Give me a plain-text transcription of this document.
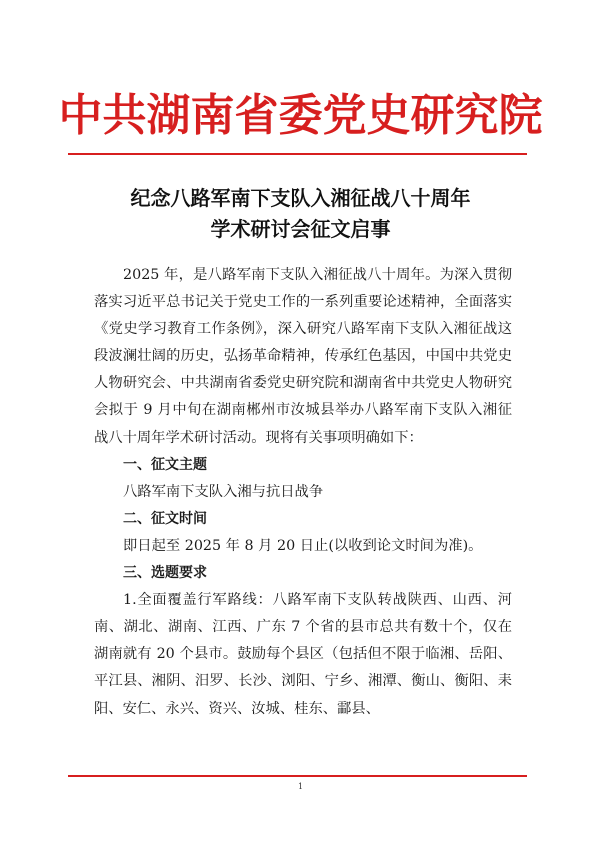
中共湖南省委党史研究院
纪念八路军南下支队入湘征战八十周年
学术研讨会征文启事

2025 年，是八路军南下支队入湘征战八十周年。为深入贯彻落实习近平总书记关于党史工作的一系列重要论述精神，全面落实《党史学习教育工作条例》，深入研究八路军南下支队入湘征战这段波澜壮阔的历史，弘扬革命精神，传承红色基因，中国中共党史人物研究会、中共湖南省委党史研究院和湖南省中共党史人物研究会拟于 9 月中旬在湖南郴州市汝城县举办八路军南下支队入湘征战八十周年学术研讨活动。现将有关事项明确如下：

一、征文主题

八路军南下支队入湘与抗日战争

二、征文时间

即日起至 2025 年 8 月 20 日止(以收到论文时间为准)。

三、选题要求

1.全面覆盖行军路线：八路军南下支队转战陕西、山西、河南、湖北、湖南、江西、广东 7 个省的县市总共有数十个，仅在湖南就有 20 个县市。鼓励每个县区（包括但不限于临湘、岳阳、平江县、湘阴、汨罗、长沙、浏阳、宁乡、湘潭、衡山、衡阳、耒阳、安仁、永兴、资兴、汝城、桂东、酃县、

1
